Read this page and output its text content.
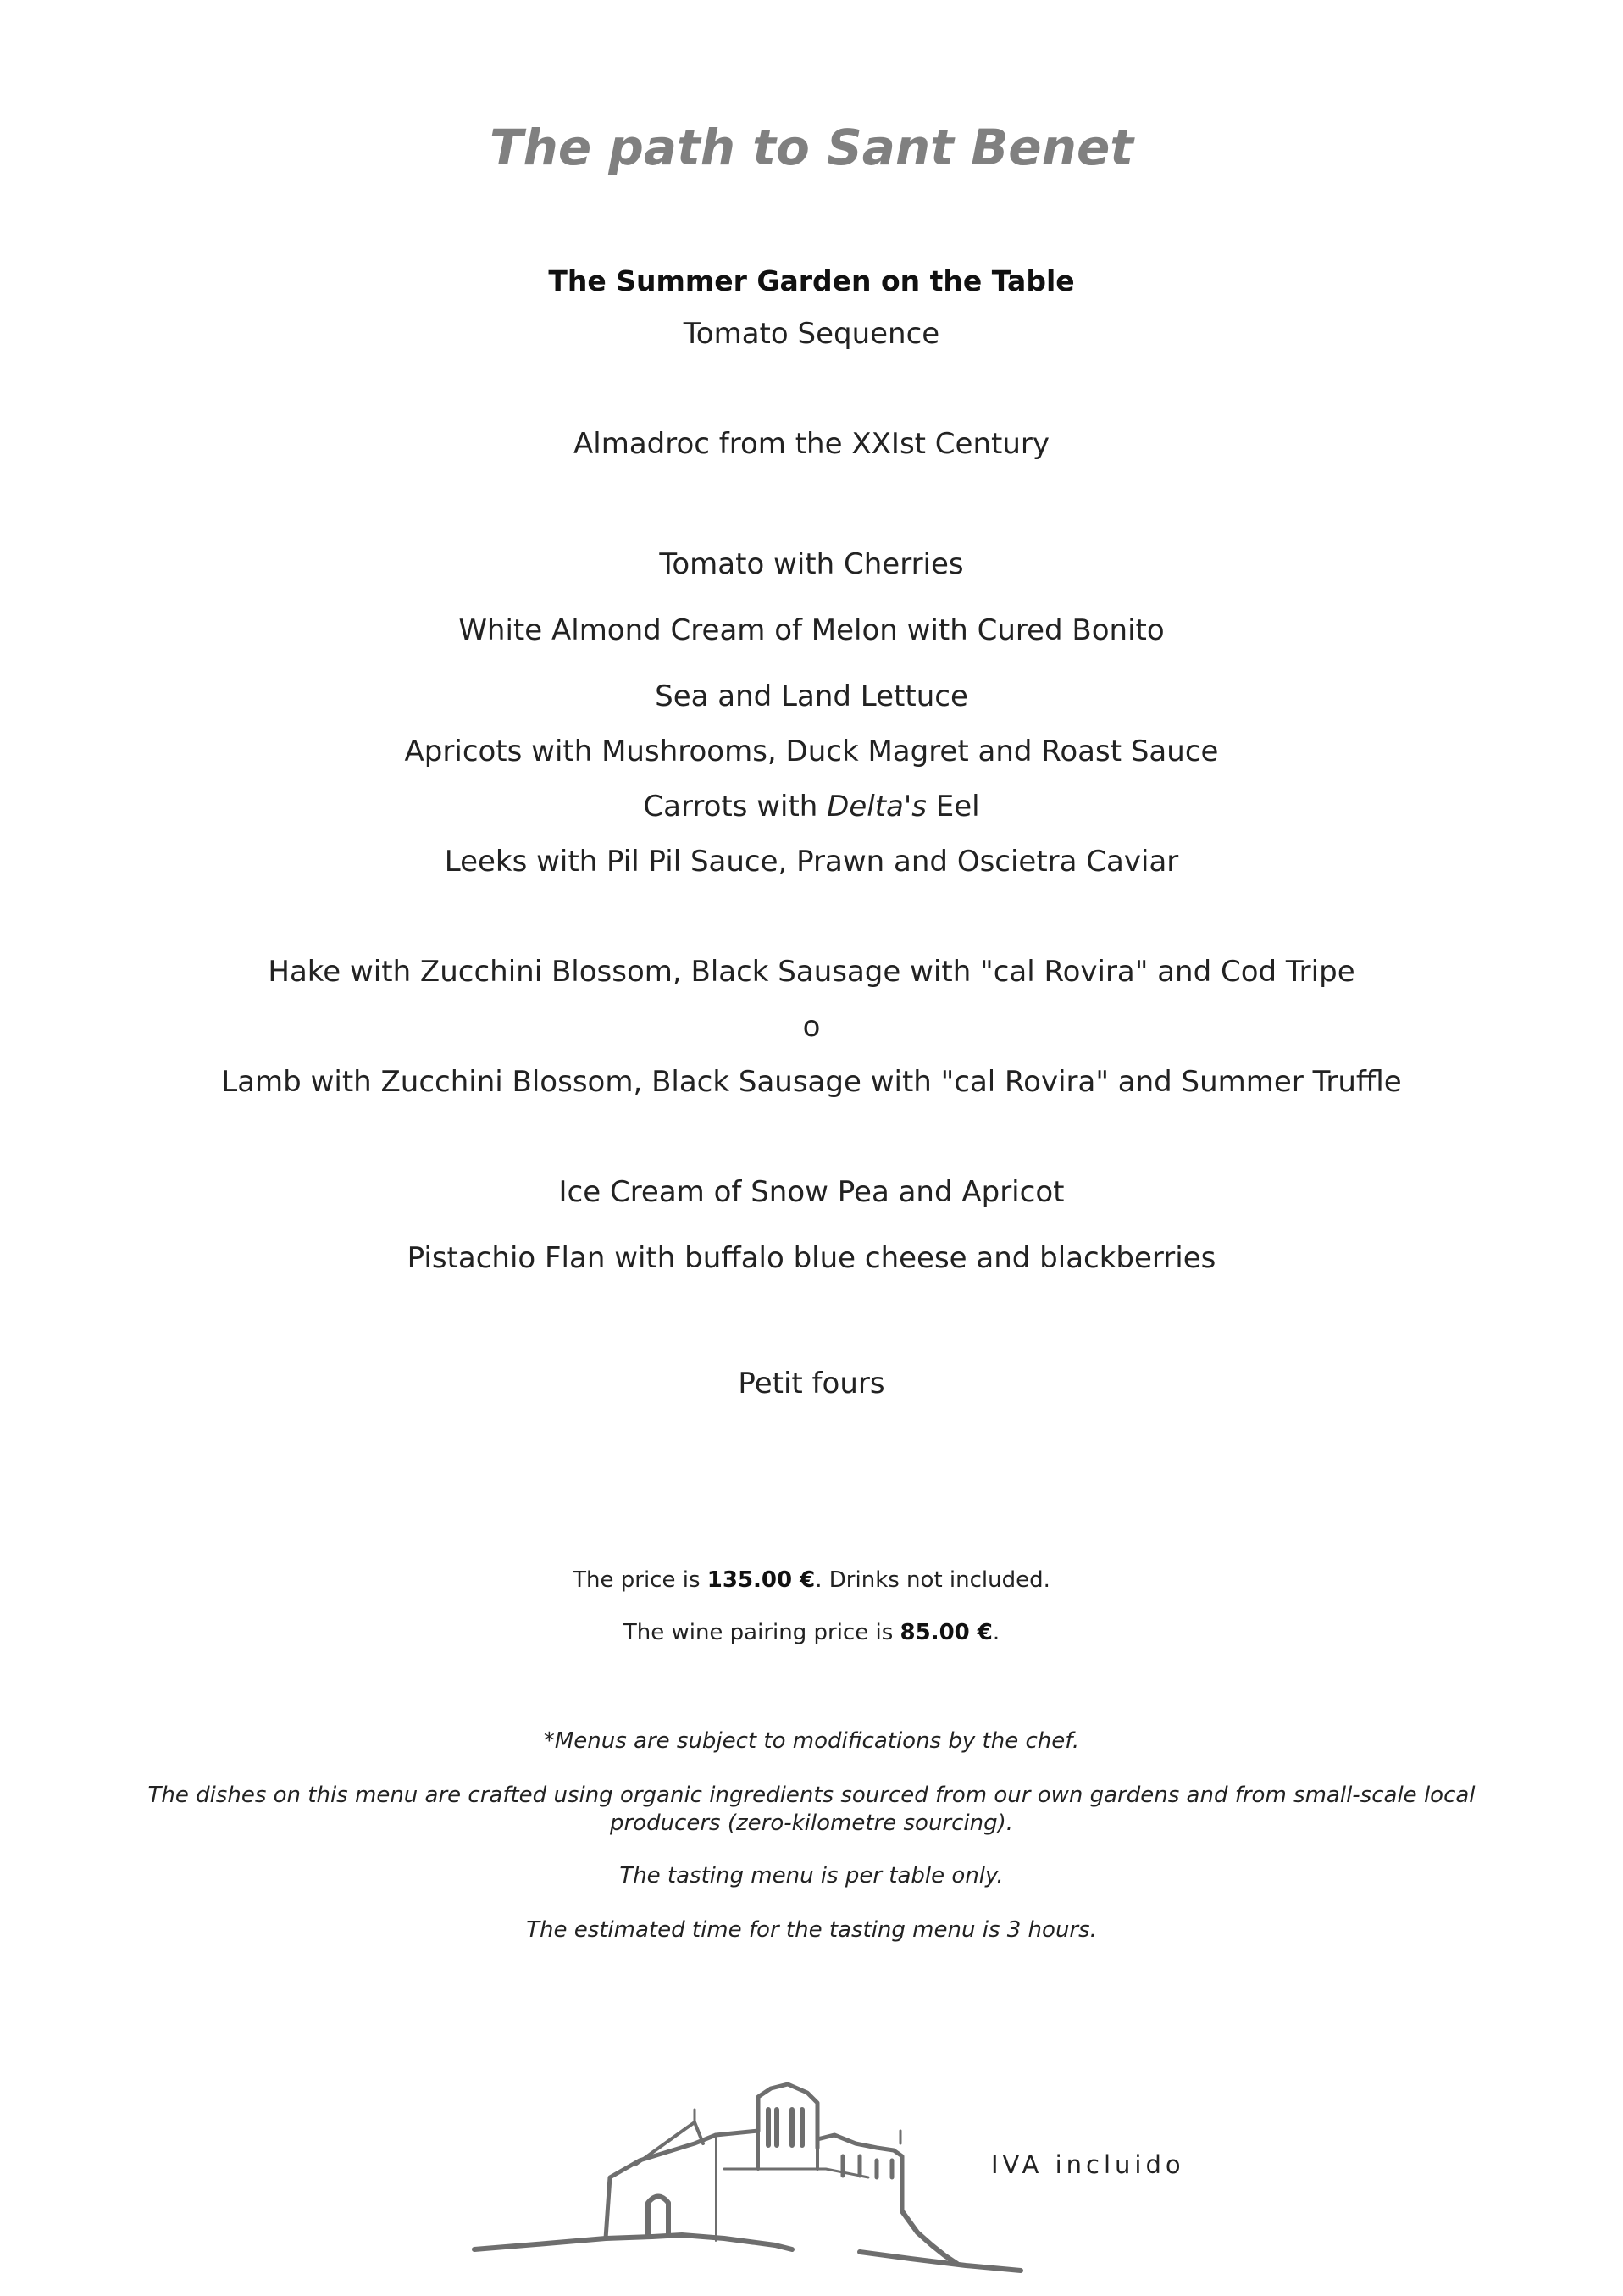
The path to Sant Benet
The Summer Garden on the Table
Tomato Sequence
Almadroc from the XXIst Century
Tomato with Cherries
White Almond Cream of Melon with Cured Bonito
Sea and Land Lettuce
Apricots with Mushrooms, Duck Magret and Roast Sauce
Carrots with Delta's Eel
Leeks with Pil Pil Sauce, Prawn and Oscietra Caviar
Hake with Zucchini Blossom, Black Sausage with "cal Rovira" and Cod Tripe
o
Lamb with Zucchini Blossom, Black Sausage with "cal Rovira" and Summer Truffle
Ice Cream of Snow Pea and Apricot
Pistachio Flan with buffalo blue cheese and blackberries
Petit fours
The price is 135.00 €. Drinks not included.
The wine pairing price is 85.00 €.
*Menus are subject to modifications by the chef.
The dishes on this menu are crafted using organic ingredients sourced from our own gardens and from small-scale local producers (zero-kilometre sourcing).
The tasting menu is per table only.
The estimated time for the tasting menu is 3 hours.
IVA incluido
